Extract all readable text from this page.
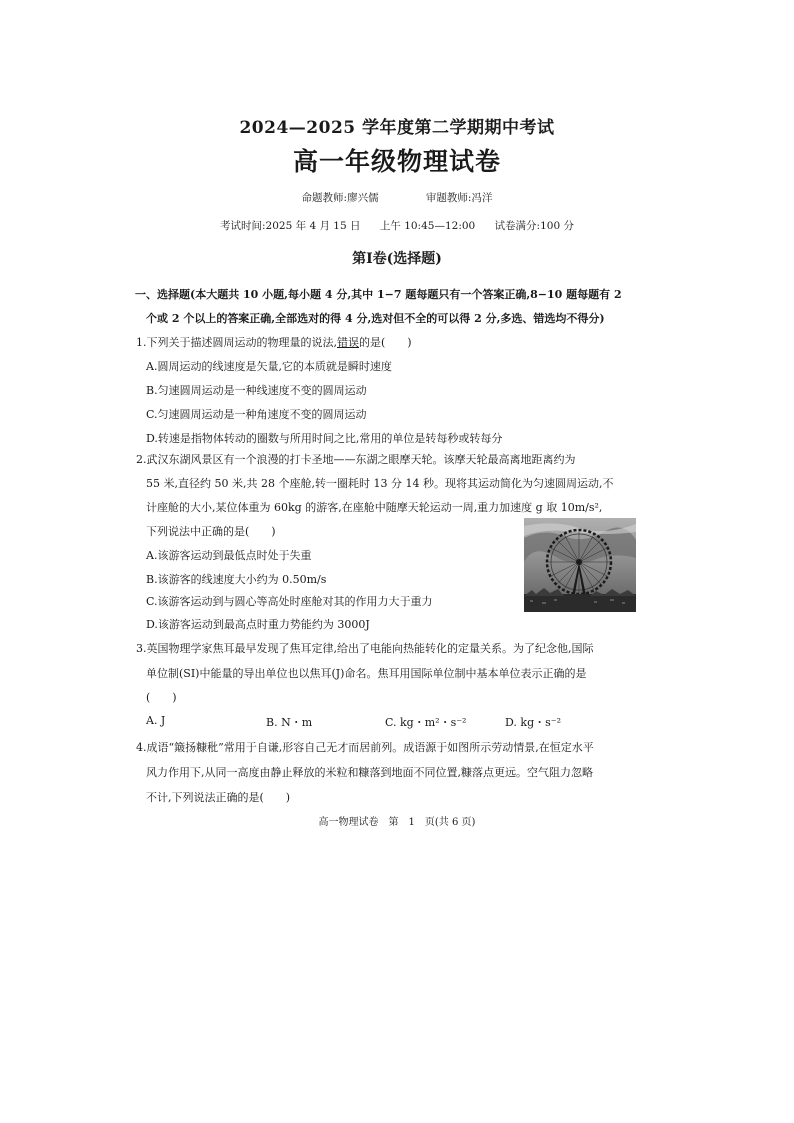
2024—2025 学年度第二学期期中考试
高一年级物理试卷
命题教师:廖兴儒	审题教师:冯洋
考试时间:2025 年 4 月 15 日 上午 10:45—12:00 试卷满分:100 分
第Ⅰ卷(选择题)
一、选择题(本大题共 10 小题,每小题 4 分,其中 1−7 题每题只有一个答案正确,8−10 题每题有 2
个或 2 个以上的答案正确,全部选对的得 4 分,选对但不全的可以得 2 分,多选、错选均不得分)
1.下列关于描述圆周运动的物理量的说法,错误的是(　　)
A.圆周运动的线速度是矢量,它的本质就是瞬时速度
B.匀速圆周运动是一种线速度不变的圆周运动
C.匀速圆周运动是一种角速度不变的圆周运动
D.转速是指物体转动的圈数与所用时间之比,常用的单位是转每秒或转每分
2.武汉东湖风景区有一个浪漫的打卡圣地——东湖之眼摩天轮。该摩天轮最高离地距离约为
55 米,直径约 50 米,共 28 个座舱,转一圈耗时 13 分 14 秒。现将其运动简化为匀速圆周运动,不
计座舱的大小,某位体重为 60kg 的游客,在座舱中随摩天轮运动一周,重力加速度 g 取 10m/s²,
下列说法中正确的是(　　)
A.该游客运动到最低点时处于失重
B.该游客的线速度大小约为 0.50m/s
C.该游客运动到与圆心等高处时座舱对其的作用力大于重力
D.该游客运动到最高点时重力势能约为 3000J
3.英国物理学家焦耳最早发现了焦耳定律,给出了电能向热能转化的定量关系。为了纪念他,国际
单位制(SI)中能量的导出单位也以焦耳(J)命名。焦耳用国际单位制中基本单位表示正确的是
(　　)
A. J	B. N・m	C. kg・m²・s⁻²	D. kg・s⁻²
4.成语“簸扬糠秕”常用于自谦,形容自己无才而居前列。成语源于如图所示劳动情景,在恒定水平
风力作用下,从同一高度由静止释放的米粒和糠落到地面不同位置,糠落点更远。空气阻力忽略
不计,下列说法正确的是(　　)
高一物理试卷　第　1　页(共 6 页)
